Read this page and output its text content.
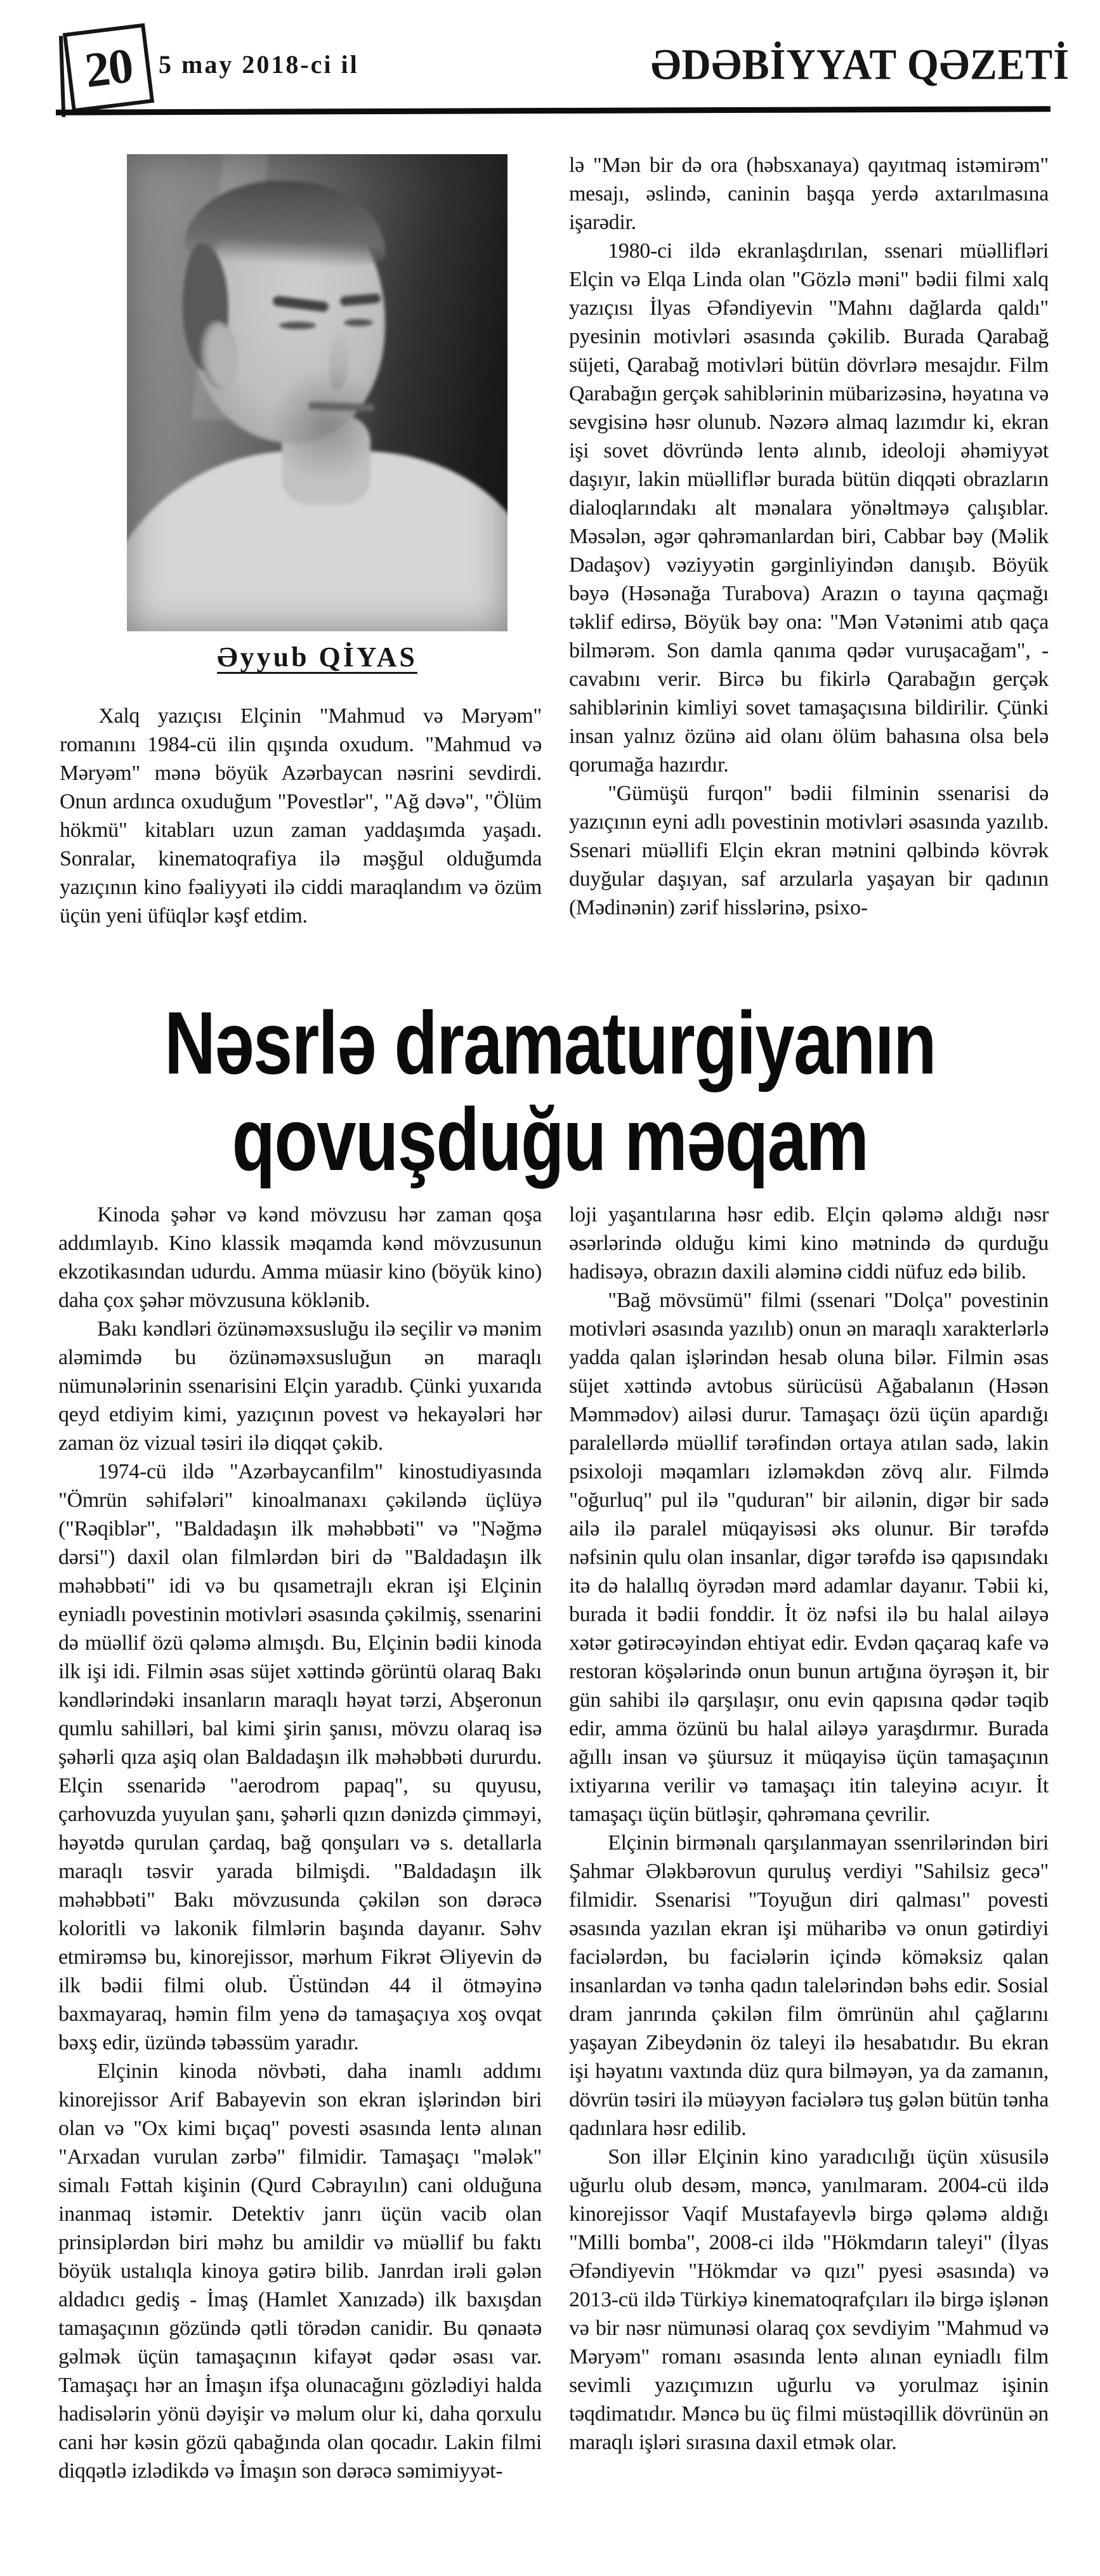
20 5 may 2018-ci il	ƏDƏBİYYAT QƏZETİ
Əyyub QİYAS

Xalq yazıçısı Elçinin "Mahmud və Məryəm" romanını 1984-cü ilin qışında oxudum. "Mahmud və Məryəm" mənə böyük Azərbaycan nəsrini sevdirdi. Onun ardınca oxuduğum "Povestlər", "Ağ dəvə", "Ölüm hökmü" kitabları uzun zaman yaddaşımda yaşadı. Sonralar, kinematoqrafiya ilə məşğul olduğumda yazıçının kino fəaliyyəti ilə ciddi maraqlandım və özüm üçün yeni üfüqlər kəşf etdim.

lə "Mən bir də ora (həbsxanaya) qayıtmaq istəmirəm" mesajı, əslində, caninin başqa yerdə axtarılmasına işarədir.

1980-ci ildə ekranlaşdırılan, ssenari müəllifləri Elçin və Elqa Linda olan "Gözlə məni" bədii filmi xalq yazıçısı İlyas Əfəndiyevin "Mahnı dağlarda qaldı" pyesinin motivləri əsasında çəkilib. Burada Qarabağ süjeti, Qarabağ motivləri bütün dövrlərə mesajdır. Film Qarabağın gerçək sahiblərinin mübarizəsinə, həyatına və sevgisinə həsr olunub. Nəzərə almaq lazımdır ki, ekran işi sovet dövründə lentə alınıb, ideoloji əhəmiyyət daşıyır, lakin müəlliflər burada bütün diqqəti obrazların dialoqlarındakı alt mənalara yönəltməyə çalışıblar. Məsələn, əgər qəhrəmanlardan biri, Cabbar bəy (Məlik Dadaşov) vəziyyətin gərginliyindən danışıb. Böyük bəyə (Həsənağa Turabova) Arazın o tayına qaçmağı təklif edirsə, Böyük bəy ona: "Mən Vətənimi atıb qaça bilmərəm. Son damla qanıma qədər vuruşacağam", - cavabını verir. Bircə bu fikirlə Qarabağın gerçək sahiblərinin kimliyi sovet tamaşaçısına bildirilir. Çünki insan yalnız özünə aid olanı ölüm bahasına olsa belə qorumağa hazırdır.

"Gümüşü furqon" bədii filminin ssenarisi də yazıçının eyni adlı povestinin motivləri əsasında yazılıb. Ssenari müəllifi Elçin ekran mətnini qəlbində kövrək duyğular daşıyan, saf arzularla yaşayan bir qadının (Mədinənin) zərif hisslərinə, psixo-

Nəsrlə dramaturgiyanın
qovuşduğu məqam

Kinoda şəhər və kənd mövzusu hər zaman qoşa addımlayıb. Kino klassik məqamda kənd mövzusunun ekzotikasından udurdu. Amma müasir kino (böyük kino) daha çox şəhər mövzusuna köklənib.

Bakı kəndləri özünəməxsusluğu ilə seçilir və mənim aləmimdə bu özünəməxsusluğun ən maraqlı nümunələrinin ssenarisini Elçin yaradıb. Çünki yuxarıda qeyd etdiyim kimi, yazıçının povest və hekayələri hər zaman öz vizual təsiri ilə diqqət çəkib.

1974-cü ildə "Azərbaycanfilm" kinostudiyasında "Ömrün səhifələri" kinoalmanaxı çəkiləndə üçlüyə ("Rəqiblər", "Baldadaşın ilk məhəbbəti" və "Nəğmə dərsi") daxil olan filmlərdən biri də "Baldadaşın ilk məhəbbəti" idi və bu qısametrajlı ekran işi Elçinin eyniadlı povestinin motivləri əsasında çəkilmiş, ssenarini də müəllif özü qələmə almışdı. Bu, Elçinin bədii kinoda ilk işi idi. Filmin əsas süjet xəttində görüntü olaraq Bakı kəndlərindəki insanların maraqlı həyat tərzi, Abşeronun qumlu sahilləri, bal kimi şirin şanısı, mövzu olaraq isə şəhərli qıza aşiq olan Baldadaşın ilk məhəbbəti dururdu. Elçin ssenaridə "aerodrom papaq", su quyusu, çarhovuzda yuyulan şanı, şəhərli qızın dənizdə çimməyi, həyətdə qurulan çardaq, bağ qonşuları və s. detallarla maraqlı təsvir yarada bilmişdi. "Baldadaşın ilk məhəbbəti" Bakı mövzusunda çəkilən son dərəcə koloritli və lakonik filmlərin başında dayanır. Səhv etmirəmsə bu, kinorejissor, mərhum Fikrət Əliyevin də ilk bədii filmi olub. Üstündən 44 il ötməyinə baxmayaraq, həmin film yenə də tamaşaçıya xoş ovqat bəxş edir, üzündə təbəssüm yaradır.

Elçinin kinoda növbəti, daha inamlı addımı kinorejissor Arif Babayevin son ekran işlərindən biri olan və "Ox kimi bıçaq" povesti əsasında lentə alınan "Arxadan vurulan zərbə" filmidir. Tamaşaçı "mələk" simalı Fəttah kişinin (Qurd Cəbrayılın) cani olduğuna inanmaq istəmir. Detektiv janrı üçün vacib olan prinsiplərdən biri məhz bu amildir və müəllif bu faktı böyük ustalıqla kinoya gətirə bilib. Janrdan irəli gələn aldadıcı gediş - İmaş (Hamlet Xanızadə) ilk baxışdan tamaşaçının gözündə qətli törədən canidir. Bu qənaətə gəlmək üçün tamaşaçının kifayət qədər əsası var. Tamaşaçı hər an İmaşın ifşa olunacağını gözlədiyi halda hadisələrin yönü dəyişir və məlum olur ki, daha qorxulu cani hər kəsin gözü qabağında olan qocadır. Lakin filmi diqqətlə izlədikdə və İmaşın son dərəcə səmimiyyət-

loji yaşantılarına həsr edib. Elçin qələmə aldığı nəsr əsərlərində olduğu kimi kino mətnində də qurduğu hadisəyə, obrazın daxili aləminə ciddi nüfuz edə bilib.

"Bağ mövsümü" filmi (ssenari "Dolça" povestinin motivləri əsasında yazılıb) onun ən maraqlı xarakterlərlə yadda qalan işlərindən hesab oluna bilər. Filmin əsas süjet xəttində avtobus sürücüsü Ağabalanın (Həsən Məmmədov) ailəsi durur. Tamaşaçı özü üçün apardığı paralellərdə müəllif tərəfindən ortaya atılan sadə, lakin psixoloji məqamları izləməkdən zövq alır. Filmdə "oğurluq" pul ilə "quduran" bir ailənin, digər bir sadə ailə ilə paralel müqayisəsi əks olunur. Bir tərəfdə nəfsinin qulu olan insanlar, digər tərəfdə isə qapısındakı itə də halallıq öyrədən mərd adamlar dayanır. Təbii ki, burada it bədii fonddir. İt öz nəfsi ilə bu halal ailəyə xətər gətirəcəyindən ehtiyat edir. Evdən qaçaraq kafe və restoran köşələrində onun bunun artığına öyrəşən it, bir gün sahibi ilə qarşılaşır, onu evin qapısına qədər təqib edir, amma özünü bu halal ailəyə yaraşdırmır. Burada ağıllı insan və şüursuz it müqayisə üçün tamaşaçının ixtiyarına verilir və tamaşaçı itin taleyinə acıyır. İt tamaşaçı üçün bütləşir, qəhrəmana çevrilir.

Elçinin birmənalı qarşılanmayan ssenrilərindən biri Şahmar Ələkbərovun quruluş verdiyi "Sahilsiz gecə" filmidir. Ssenarisi "Toyuğun diri qalması" povesti əsasında yazılan ekran işi müharibə və onun gətirdiyi faciələrdən, bu faciələrin içində köməksiz qalan insanlardan və tənha qadın talelərindən bəhs edir. Sosial dram janrında çəkilən film ömrünün ahıl çağlarını yaşayan Zibeydənin öz taleyi ilə hesabatıdır. Bu ekran işi həyatını vaxtında düz qura bilməyən, ya da zamanın, dövrün təsiri ilə müəyyən faciələrə tuş gələn bütün tənha qadınlara həsr edilib.

Son illər Elçinin kino yaradıcılığı üçün xüsusilə uğurlu olub desəm, məncə, yanılmaram. 2004-cü ildə kinorejissor Vaqif Mustafayevlə birgə qələmə aldığı "Milli bomba", 2008-ci ildə "Hökmdarın taleyi" (İlyas Əfəndiyevin "Hökmdar və qızı" pyesi əsasında) və 2013-cü ildə Türkiyə kinematoqrafçıları ilə birgə işlənən və bir nəsr nümunəsi olaraq çox sevdiyim "Mahmud və Məryəm" romanı əsasında lentə alınan eyniadlı film sevimli yazıçımızın uğurlu və yorulmaz işinin təqdimatıdır. Məncə bu üç filmi müstəqillik dövrünün ən maraqlı işləri sırasına daxil etmək olar.
